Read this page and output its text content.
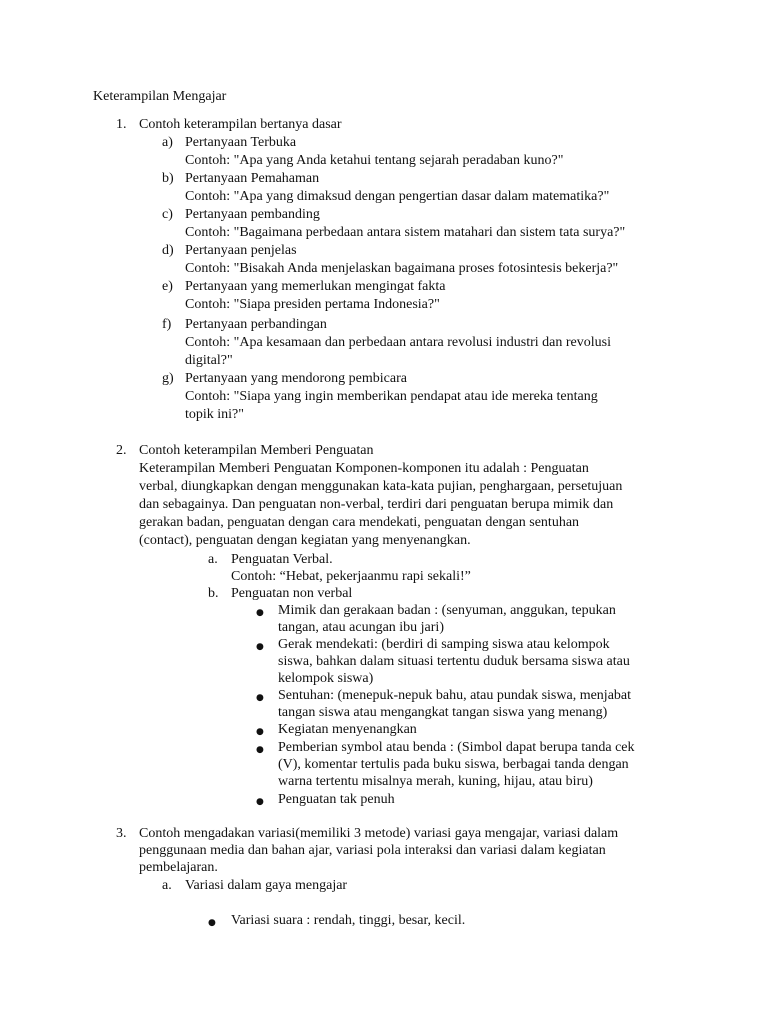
Keterampilan Mengajar

1. Contoh keterampilan bertanya dasar

a) Pertanyaan Terbuka

Contoh: "Apa yang Anda ketahui tentang sejarah peradaban kuno?"

b) Pertanyaan Pemahaman

Contoh: "Apa yang dimaksud dengan pengertian dasar dalam matematika?"

c) Pertanyaan pembanding

Contoh: "Bagaimana perbedaan antara sistem matahari dan sistem tata surya?"

d) Pertanyaan penjelas

Contoh: "Bisakah Anda menjelaskan bagaimana proses fotosintesis bekerja?"

e) Pertanyaan yang memerlukan mengingat fakta

Contoh: "Siapa presiden pertama Indonesia?"

f) Pertanyaan perbandingan

Contoh: "Apa kesamaan dan perbedaan antara revolusi industri dan revolusi

digital?"

g) Pertanyaan yang mendorong pembicara

Contoh: "Siapa yang ingin memberikan pendapat atau ide mereka tentang

topik ini?"

2. Contoh keterampilan Memberi Penguatan

Keterampilan Memberi Penguatan Komponen-komponen itu adalah : Penguatan

verbal, diungkapkan dengan menggunakan kata-kata pujian, penghargaan, persetujuan

dan sebagainya. Dan penguatan non-verbal, terdiri dari penguatan berupa mimik dan

gerakan badan, penguatan dengan cara mendekati, penguatan dengan sentuhan

(contact), penguatan dengan kegiatan yang menyenangkan.

a. Penguatan Verbal.

Contoh: “Hebat, pekerjaanmu rapi sekali!”

b. Penguatan non verbal

● Mimik dan gerakaan badan : (senyuman, anggukan, tepukan

tangan, atau acungan ibu jari)

● Gerak mendekati: (berdiri di samping siswa atau kelompok

siswa, bahkan dalam situasi tertentu duduk bersama siswa atau

kelompok siswa)

● Sentuhan: (menepuk-nepuk bahu, atau pundak siswa, menjabat

tangan siswa atau mengangkat tangan siswa yang menang)

● Kegiatan menyenangkan

● Pemberian symbol atau benda : (Simbol dapat berupa tanda cek

(V), komentar tertulis pada buku siswa, berbagai tanda dengan

warna tertentu misalnya merah, kuning, hijau, atau biru)

● Penguatan tak penuh

3. Contoh mengadakan variasi(memiliki 3 metode) variasi gaya mengajar, variasi dalam

penggunaan media dan bahan ajar, variasi pola interaksi dan variasi dalam kegiatan

pembelajaran.

a. Variasi dalam gaya mengajar

● Variasi suara : rendah, tinggi, besar, kecil.
